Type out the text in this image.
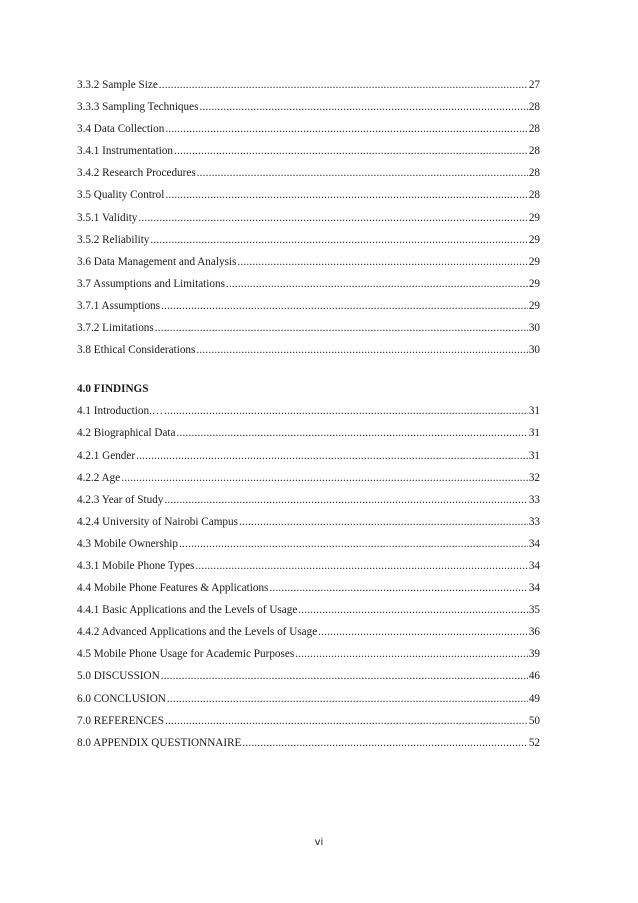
3.3.2 Sample Size .....	27
3.3.3 Sampling Techniques .....	28
3.4 Data Collection .....	28
3.4.1 Instrumentation .....	28
3.4.2 Research Procedures .....	28
3.5 Quality Control .....	28
3.5.1 Validity .....	29
3.5.2 Reliability .....	29
3.6 Data Management and Analysis .....	29
3.7 Assumptions and Limitations .....	29
3.7.1 Assumptions .....	29
3.7.2 Limitations .....	30
3.8 Ethical Considerations .....	30
4.0 FINDINGS
4.1 Introduction.… .....	31
4.2 Biographical Data .....	31
4.2.1 Gender .....	31
4.2.2 Age .....	32
4.2.3 Year of Study .....	33
4.2.4 University of Nairobi Campus .....	33
4.3 Mobile Ownership .....	34
4.3.1 Mobile Phone Types .....	34
4.4 Mobile Phone Features & Applications .....	34
4.4.1 Basic Applications and the Levels of Usage .....	35
4.4.2 Advanced Applications and the Levels of Usage .....	36
4.5 Mobile Phone Usage for Academic Purposes .....	39
5.0 DISCUSSION .....	46
6.0 CONCLUSION .....	49
7.0 REFERENCES .....	50
8.0 APPENDIX QUESTIONNAIRE .....	52
vi
